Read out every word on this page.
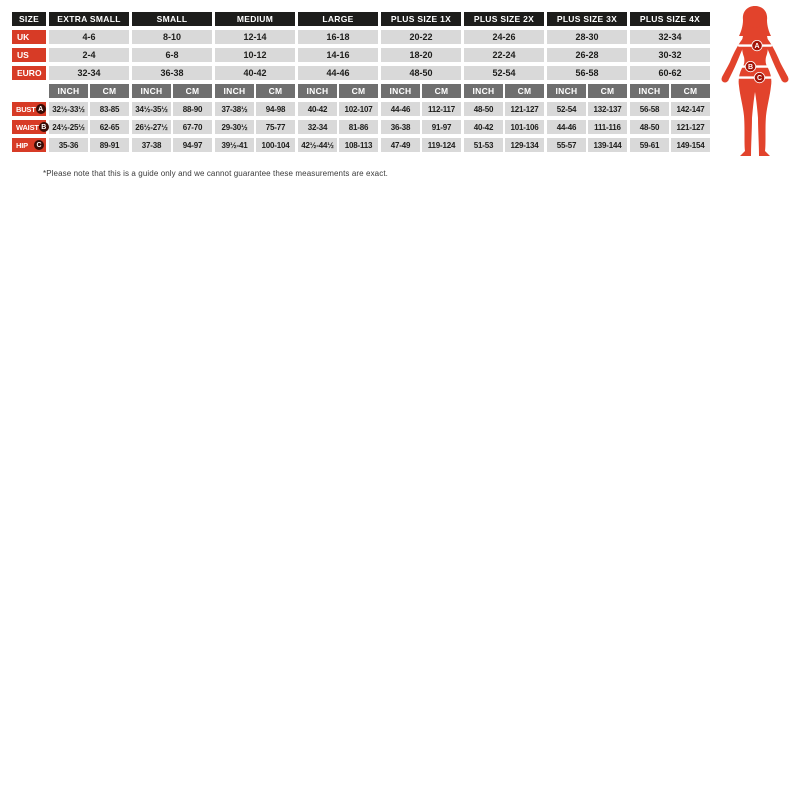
SIZE	EXTRA SMALL	SMALL	MEDIUM	LARGE	PLUS SIZE 1X	PLUS SIZE 2X	PLUS SIZE 3X	PLUS SIZE 4X
UK	4-6	8-10	12-14	16-18	20-22	24-26	28-30	32-34
US	2-4	6-8	10-12	14-16	18-20	22-24	26-28	30-32
EURO	32-34	36-38	40-42	44-46	48-50	52-54	56-58	60-62
INCH	CM	INCH	CM	INCH	CM	INCH	CM	INCH	CM	INCH	CM	INCH	CM	INCH	CM
BUST A	32½-33½	83-85	34½-35½	88-90	37-38½	94-98	40-42	102-107	44-46	112-117	48-50	121-127	52-54	132-137	56-58	142-147
WAIST B 24½-25½	62-65	26½-27½	67-70	29-30½	75-77	32-34	81-86	36-38	91-97	40-42	101-106	44-46	111-116	48-50	121-127
HIP	C	35-36	89-91	37-38	94-97	39½-41	100-104	42½-44½	108-113	47-49	119-124	51-53	129-134	55-57	139-144	59-61	149-154
A
B
C
*Please note that this is a guide only and we cannot guarantee these measurements are exact.
